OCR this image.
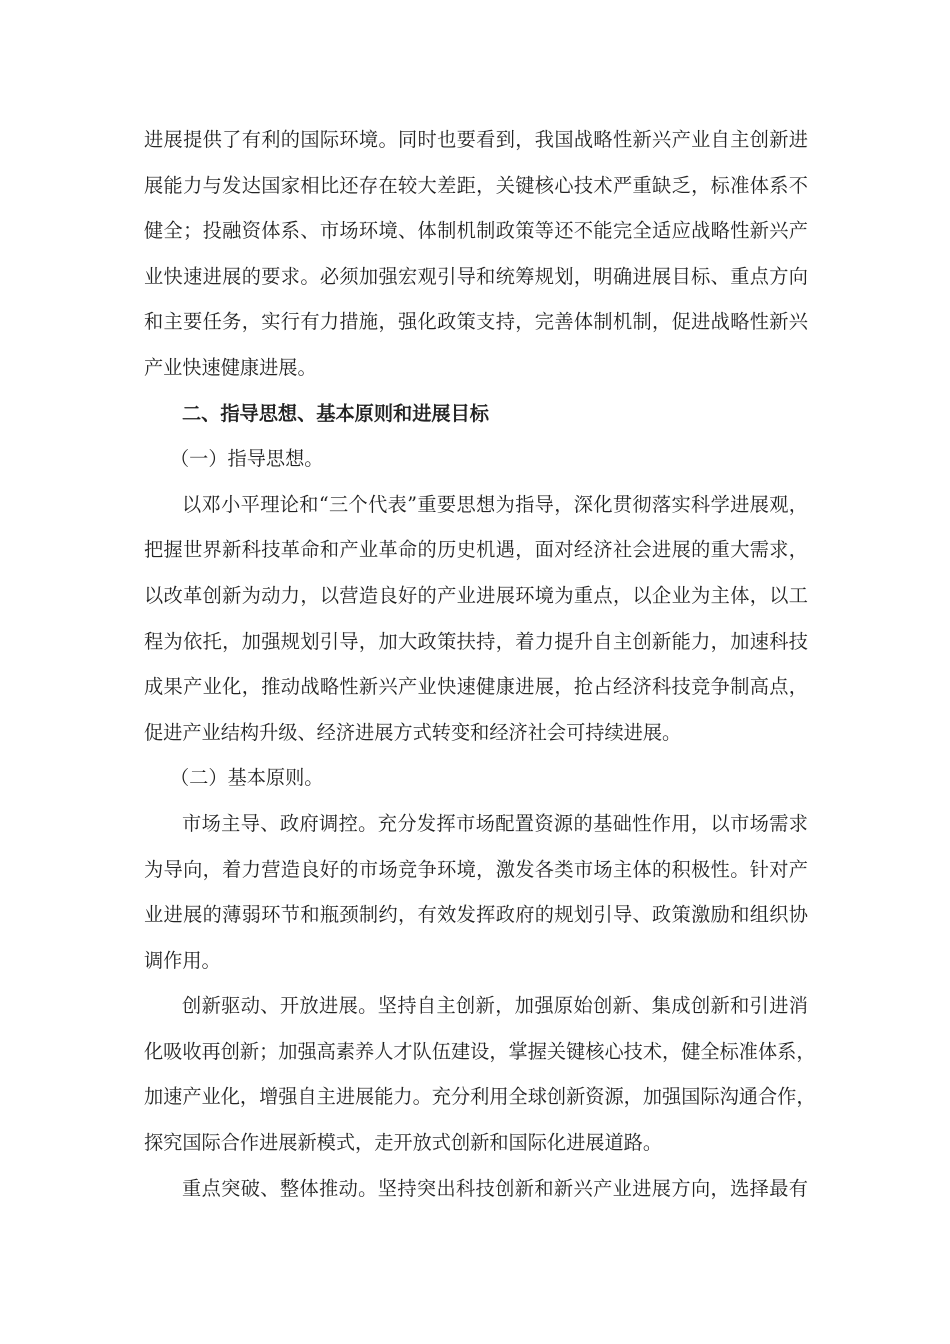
进展提供了有利的国际环境。同时也要看到，我国战略性新兴产业自主创新进
展能力与发达国家相比还存在较大差距，关键核心技术严重缺乏，标准体系不
健全；投融资体系、市场环境、体制机制政策等还不能完全适应战略性新兴产
业快速进展的要求。必须加强宏观引导和统筹规划，明确进展目标、重点方向
和主要任务，实行有力措施，强化政策支持，完善体制机制，促进战略性新兴
产业快速健康进展。
二、指导思想、基本原则和进展目标
（一）指导思想。
以邓小平理论和“三个代表”重要思想为指导，深化贯彻落实科学进展观，
把握世界新科技革命和产业革命的历史机遇，面对经济社会进展的重大需求，
以改革创新为动力，以营造良好的产业进展环境为重点，以企业为主体，以工
程为依托，加强规划引导，加大政策扶持，着力提升自主创新能力，加速科技
成果产业化，推动战略性新兴产业快速健康进展，抢占经济科技竞争制高点，
促进产业结构升级、经济进展方式转变和经济社会可持续进展。
（二）基本原则。
市场主导、政府调控。充分发挥市场配置资源的基础性作用，以市场需求
为导向，着力营造良好的市场竞争环境，激发各类市场主体的积极性。针对产
业进展的薄弱环节和瓶颈制约，有效发挥政府的规划引导、政策激励和组织协
调作用。
创新驱动、开放进展。坚持自主创新，加强原始创新、集成创新和引进消
化吸收再创新；加强高素养人才队伍建设，掌握关键核心技术，健全标准体系，
加速产业化，增强自主进展能力。充分利用全球创新资源，加强国际沟通合作，
探究国际合作进展新模式，走开放式创新和国际化进展道路。
重点突破、整体推动。坚持突出科技创新和新兴产业进展方向，选择最有
